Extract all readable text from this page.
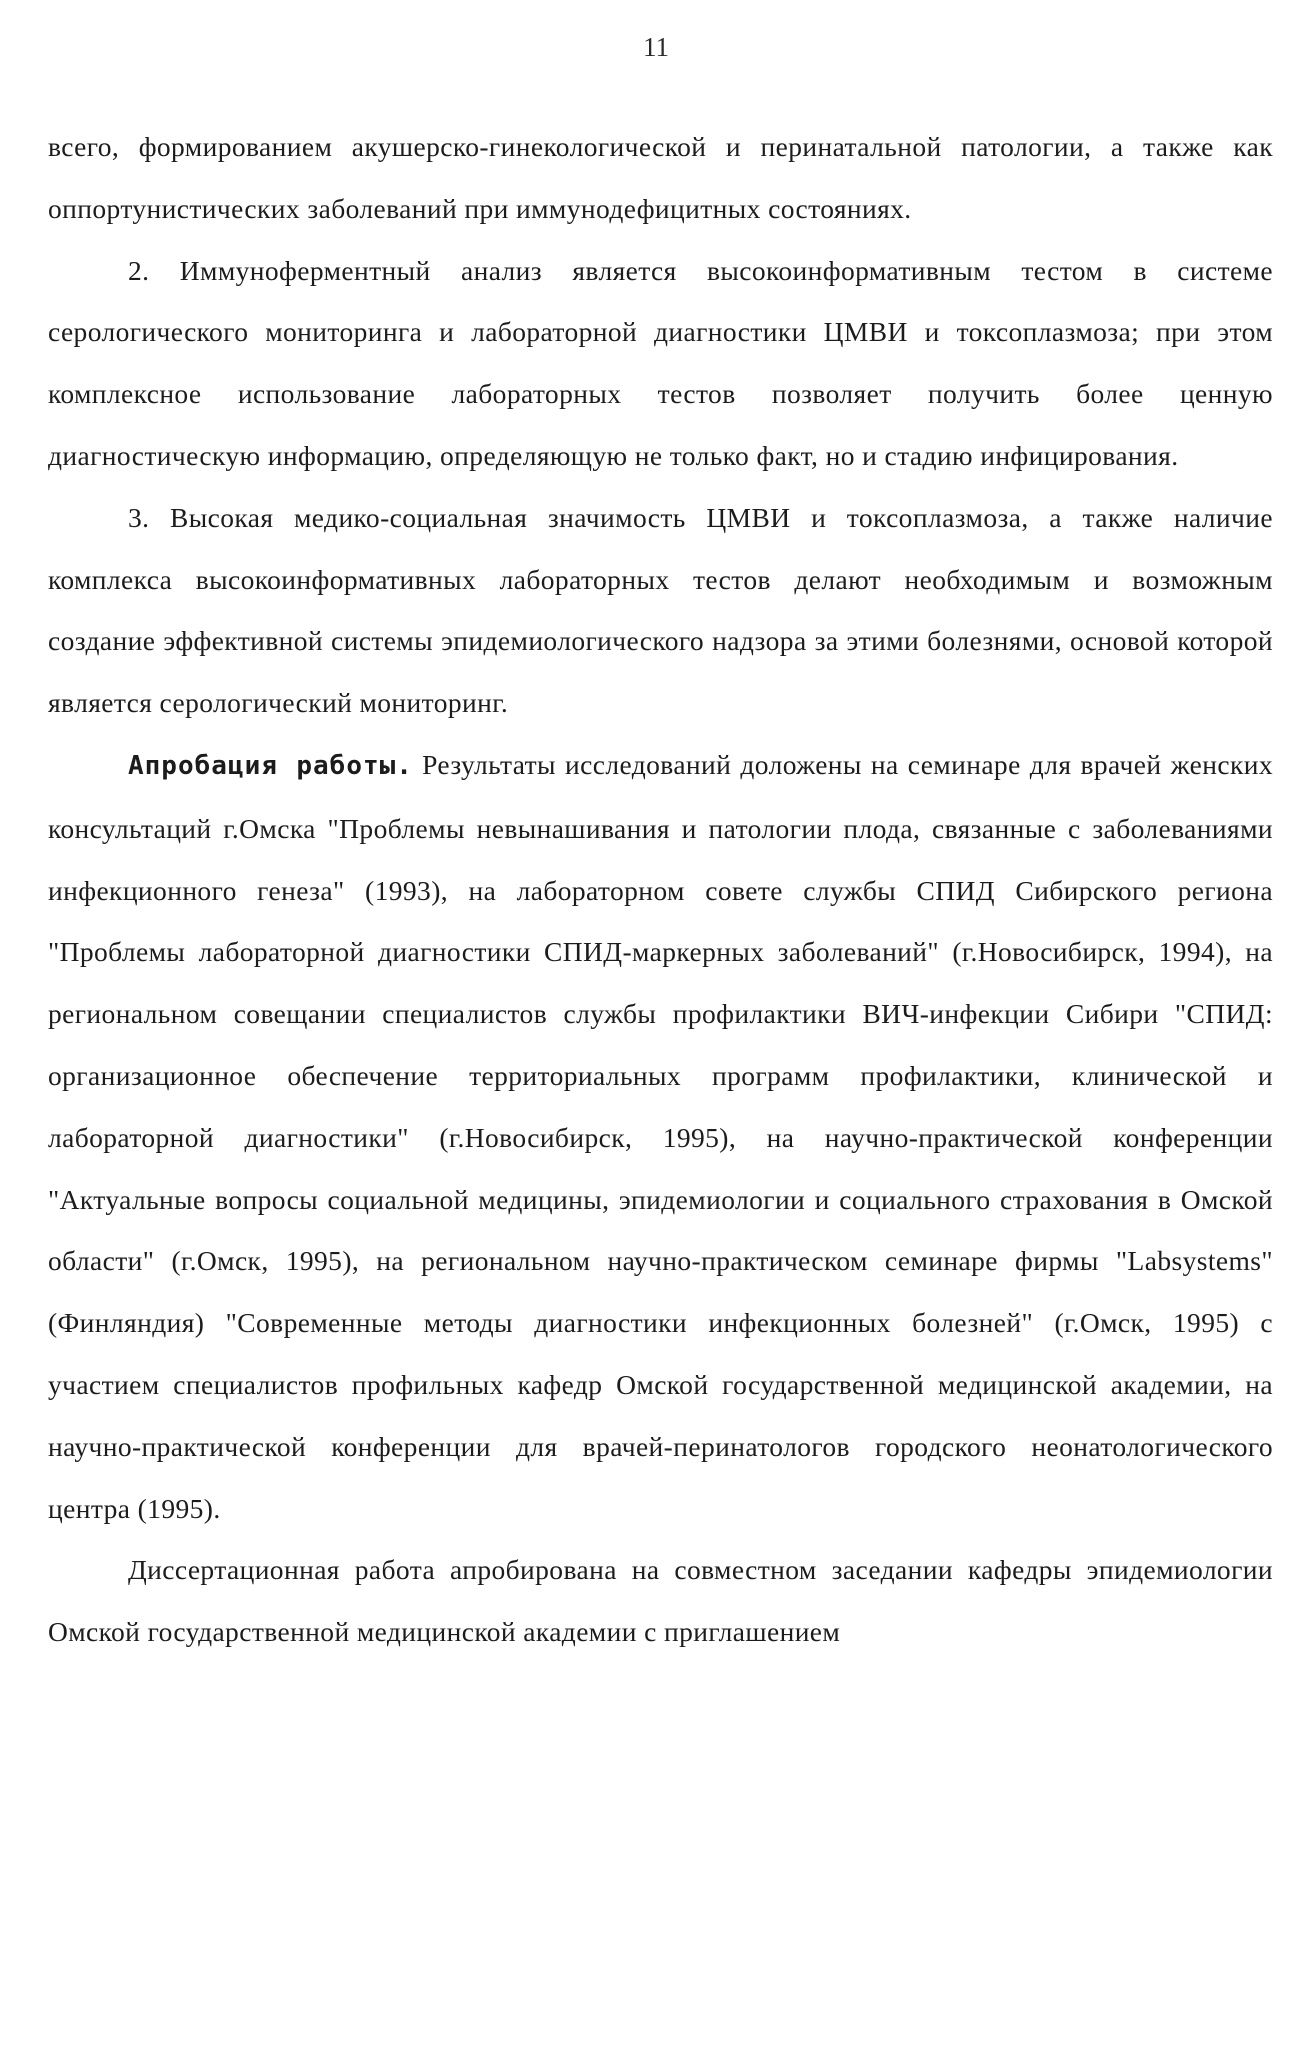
11

всего, формированием акушерско-гинекологической и перинатальной патологии, а также как оппортунистических заболеваний при иммунодефицитных состояниях.

2. Иммуноферментный анализ является высокоинформативным тестом в системе серологического мониторинга и лабораторной диагностики ЦМВИ и токсоплазмоза; при этом комплексное использование лабораторных тестов позволяет получить более ценную диагностическую информацию, определяющую не только факт, но и стадию инфицирования.

3. Высокая медико-социальная значимость ЦМВИ и токсоплазмоза, а также наличие комплекса высокоинформативных лабораторных тестов делают необходимым и возможным создание эффективной системы эпидемиологического надзора за этими болезнями, основой которой является серологический мониторинг.

Апробация работы. Результаты исследований доложены на семинаре для врачей женских консультаций г.Омска "Проблемы невынашивания и патологии плода, связанные с заболеваниями инфекционного генеза" (1993), на лабораторном совете службы СПИД Сибирского региона "Проблемы лабораторной диагностики СПИД-маркерных заболеваний" (г.Новосибирск, 1994), на региональном совещании специалистов службы профилактики ВИЧ-инфекции Сибири "СПИД: организационное обеспечение территориальных программ профилактики, клинической и лабораторной диагностики" (г.Новосибирск, 1995), на научно-практической конференции "Актуальные вопросы социальной медицины, эпидемиологии и социального страхования в Омской области" (г.Омск, 1995), на региональном научно-практическом семинаре фирмы "Labsystems" (Финляндия) "Современные методы диагностики инфекционных болезней" (г.Омск, 1995) с участием специалистов профильных кафедр Омской государственной медицинской академии, на научно-практической конференции для врачей-перинатологов городского неонатологического центра (1995).

Диссертационная работа апробирована на совместном заседании кафедры эпидемиологии Омской государственной медицинской академии с приглашением
